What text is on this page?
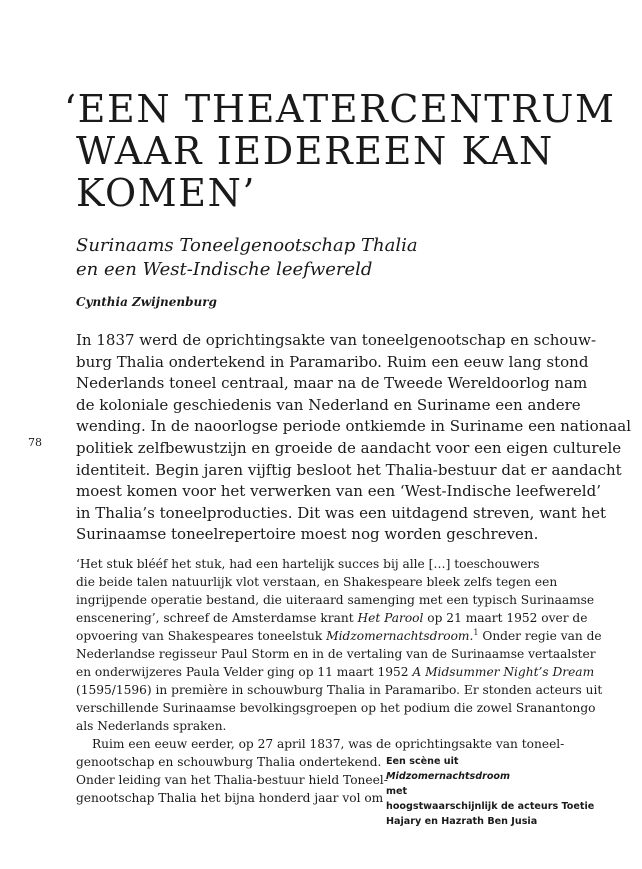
78
‘EEN THEATERCENTRUM
WAAR IEDEREEN KAN
KOMEN’
Surinaams Toneelgenootschap Thalia
en een West-Indische leefwereld
Cynthia Zwijnenburg
In 1837 werd de oprichtingsakte van toneelgenootschap en schouw-
burg Thalia ondertekend in Paramaribo. Ruim een eeuw lang stond
Nederlands toneel centraal, maar na de Tweede Wereldoorlog nam
de koloniale geschiedenis van Nederland en Suriname een andere
wending. In de naoorlogse periode ontkiemde in Suriname een nationaal
politiek zelfbewustzijn en groeide de aandacht voor een eigen culturele
identiteit. Begin jaren vijftig besloot het Thalia-bestuur dat er aandacht
moest komen voor het verwerken van een ‘West-Indische leefwereld’
in Thalia’s toneelproducties. Dit was een uitdagend streven, want het
Surinaamse toneelrepertoire moest nog worden geschreven.
‘Het stuk blééf het stuk, had een hartelijk succes bij alle […] toeschouwers
die beide talen natuurlijk vlot verstaan, en Shakespeare bleek zelfs tegen een
ingrijpende operatie bestand, die uiteraard samenging met een typisch Surinaamse
enscenering’, schreef de Amsterdamse krant Het Parool op 21 maart 1952 over de
opvoering van Shakespeares toneelstuk Midzomernachtsdroom.$^1$ Onder regie van de
Nederlandse regisseur Paul Storm en in de vertaling van de Surinaamse vertaalster
en onderwijzeres Paula Velder ging op 11 maart 1952 A Midsummer Night’s Dream
(1595/1596) in première in schouwburg Thalia in Paramaribo. Er stonden acteurs uit
verschillende Surinaamse bevolkingsgroepen op het podium die zowel Sranantongo
als Nederlands spraken.
Ruim een eeuw eerder, op 27 april 1837, was de oprichtingsakte van toneel-
genootschap en schouwburg Thalia ondertekend.
Onder leiding van het Thalia-bestuur hield Toneel-
genootschap Thalia het bijna honderd jaar vol om
Een scène uit
Midzomernachtsdroom
met
hoogstwaarschijnlijk de acteurs Toetie
Hajary en Hazrath Ben Jusia
